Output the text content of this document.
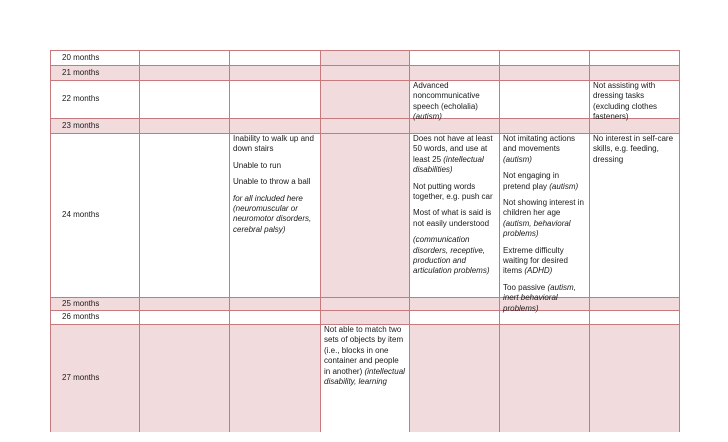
20 months
21 months
22 months
23 months
24 months
25 months
26 months
27 months

Advanced noncommunicative speech (echolalia) (autism)

Not assisting with dressing tasks (excluding clothes fasteners)

Inability to walk up and down stairs

Unable to run

Unable to throw a ball

for all included here (neuromuscular or neuromotor disorders, cerebral palsy)

Does not have at least 50 words, and use at least 25 (intellectual disabilities)

Not putting words together, e.g. push car

Most of what is said is not easily understood

(communication disorders, receptive, production and articulation problems)

Not imitating actions and movements (autism)

Not engaging in pretend play (autism)

Not showing interest in children her age (autism, behavioral problems)

Extreme difficulty waiting for desired items (ADHD)

Too passive (autism, inert behavioral problems)

No interest in self-care skills, e.g. feeding, dressing

Not able to match two sets of objects by item (i.e., blocks in one container and people in another) (intellectual disability, learning
